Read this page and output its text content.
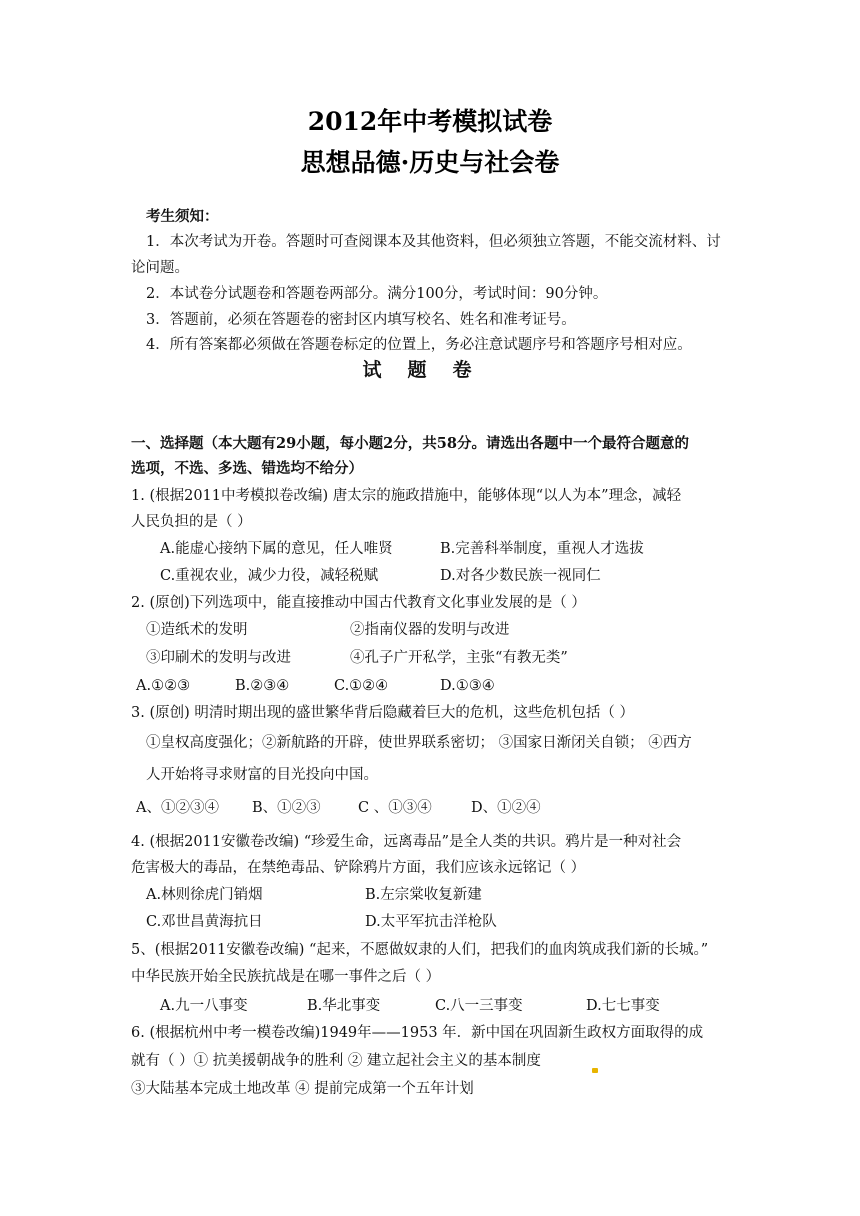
2012年中考模拟试卷
思想品德·历史与社会卷
考生须知：
1．本次考试为开卷。答题时可查阅课本及其他资料，但必须独立答题，不能交流材料、讨
论问题。
2．本试卷分试题卷和答题卷两部分。满分100分，考试时间：90分钟。
3．答题前，必须在答题卷的密封区内填写校名、姓名和准考证号。
4．所有答案都必须做在答题卷标定的位置上，务必注意试题序号和答题序号相对应。
试题卷
一、选择题（本大题有29小题，每小题2分，共58分。请选出各题中一个最符合题意的
选项，不选、多选、错选均不给分）
1. (根据2011中考模拟卷改编) 唐太宗的施政措施中，能够体现“以人为本”理念，减轻
人民负担的是（ ）
A.能虚心接纳下属的意见，任人唯贤	B.完善科举制度，重视人才选拔
C.重视农业，减少力役，减轻税赋	D.对各少数民族一视同仁
2. (原创)下列选项中，能直接推动中国古代教育文化事业发展的是（ ）
①造纸术的发明	②指南仪器的发明与改进
③印刷术的发明与改进	④孔子广开私学，主张“有教无类”
A.①②③	B.②③④	C.①②④	D.①③④
3. (原创) 明清时期出现的盛世繁华背后隐藏着巨大的危机，这些危机包括（ ）
①皇权高度强化；②新航路的开辟，使世界联系密切； ③国家日渐闭关自锁； ④西方
人开始将寻求财富的目光投向中国。
A、①②③④ B、①②③	C 、①③④	D、①②④
4. (根据2011安徽卷改编) “珍爱生命，远离毒品”是全人类的共识。鸦片是一种对社会
危害极大的毒品，在禁绝毒品、铲除鸦片方面，我们应该永远铭记（ ）
A.林则徐虎门销烟	B.左宗棠收复新建
C.邓世昌黄海抗日	D.太平军抗击洋枪队
5、(根据2011安徽卷改编) “起来，不愿做奴隶的人们，把我们的血肉筑成我们新的长城。”
中华民族开始全民族抗战是在哪一事件之后（ ）
A.九一八事变	B.华北事变	C.八一三事变	D.七七事变
6. (根据杭州中考一模卷改编)1949年——1953 年．新中国在巩固新生政权方面取得的成
就有（ ）① 抗美援朝战争的胜利 ② 建立起社会主义的基本制度
③大陆基本完成土地改革 ④ 提前完成第一个五年计划
